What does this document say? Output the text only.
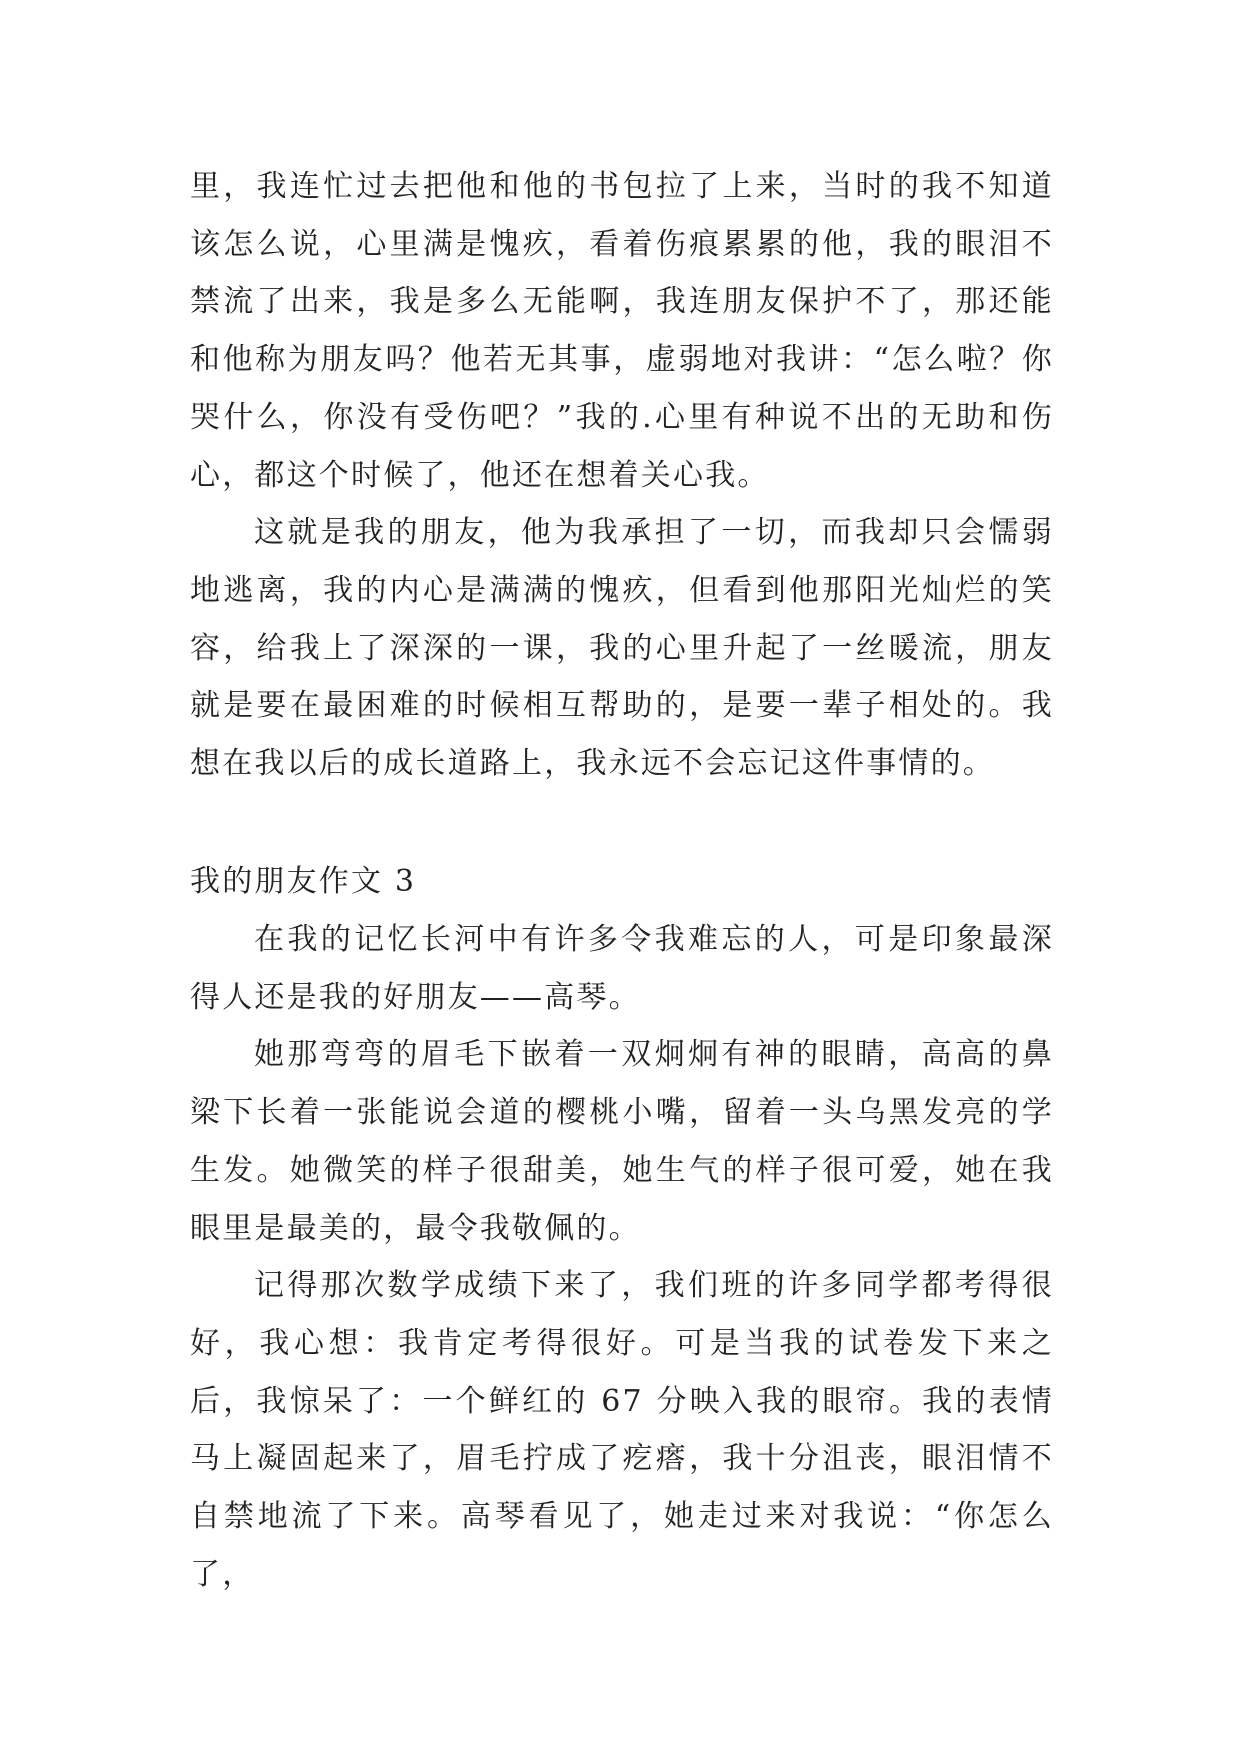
里，我连忙过去把他和他的书包拉了上来，当时的我不知道该怎么说，心里满是愧疚，看着伤痕累累的他，我的眼泪不禁流了出来，我是多么无能啊，我连朋友保护不了，那还能和他称为朋友吗？他若无其事，虚弱地对我讲：“怎么啦？你哭什么，你没有受伤吧？”我的.心里有种说不出的无助和伤心，都这个时候了，他还在想着关心我。

这就是我的朋友，他为我承担了一切，而我却只会懦弱地逃离，我的内心是满满的愧疚，但看到他那阳光灿烂的笑容，给我上了深深的一课，我的心里升起了一丝暖流，朋友就是要在最困难的时候相互帮助的，是要一辈子相处的。我想在我以后的成长道路上，我永远不会忘记这件事情的。

我的朋友作文 3

在我的记忆长河中有许多令我难忘的人，可是印象最深得人还是我的好朋友——高琴。

她那弯弯的眉毛下嵌着一双炯炯有神的眼睛，高高的鼻梁下长着一张能说会道的樱桃小嘴，留着一头乌黑发亮的学生发。她微笑的样子很甜美，她生气的样子很可爱，她在我眼里是最美的，最令我敬佩的。

记得那次数学成绩下来了，我们班的许多同学都考得很好，我心想：我肯定考得很好。可是当我的试卷发下来之后，我惊呆了：一个鲜红的 67 分映入我的眼帘。我的表情马上凝固起来了，眉毛拧成了疙瘩，我十分沮丧，眼泪情不自禁地流了下来。高琴看见了，她走过来对我说：“你怎么了，
